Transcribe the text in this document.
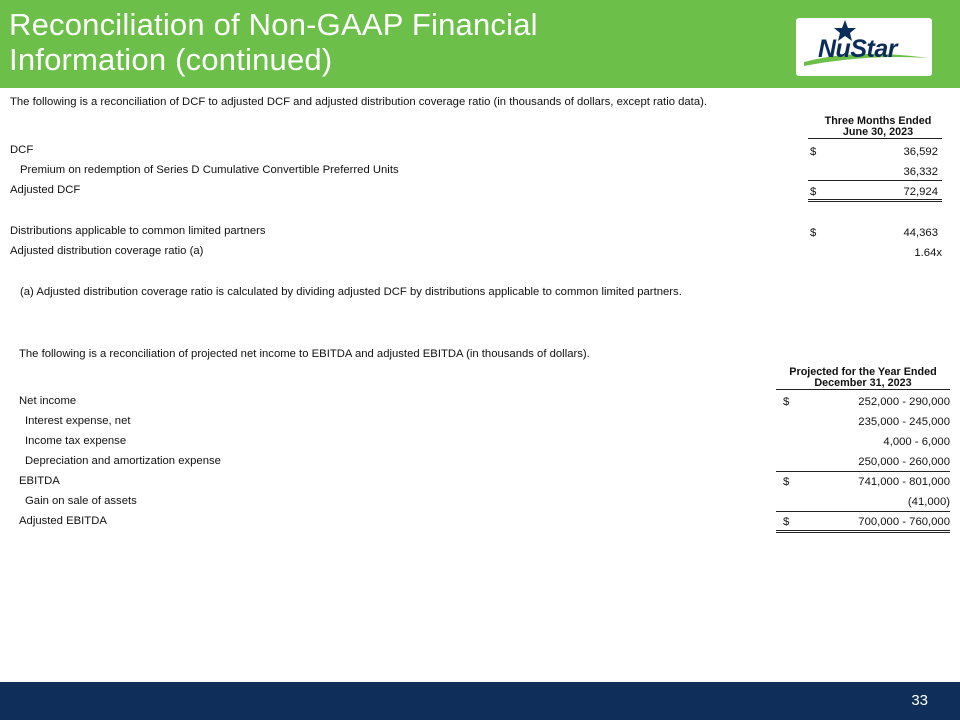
Reconciliation of Non-GAAP Financial
Information (continued)	NuStar
The following is a reconciliation of DCF to adjusted DCF and adjusted distribution coverage ratio (in thousands of dollars, except ratio data).
Three Months Ended
June 30, 2023
DCF	$	36,592
Premium on redemption of Series D Cumulative Convertible Preferred Units	36,332
Adjusted DCF	$	72,924
Distributions applicable to common limited partners	$	44,363
Adjusted distribution coverage ratio (a)	1.64x
(a) Adjusted distribution coverage ratio is calculated by dividing adjusted DCF by distributions applicable to common limited partners.
The following is a reconciliation of projected net income to EBITDA and adjusted EBITDA (in thousands of dollars).
Projected for the Year Ended
December 31, 2023
Net income	$	252,000 - 290,000
Interest expense, net	235,000 - 245,000
Income tax expense	4,000 - 6,000
Depreciation and amortization expense	250,000 - 260,000
EBITDA	$	741,000 - 801,000
Gain on sale of assets	(41,000)
Adjusted EBITDA	$	700,000 - 760,000
33
